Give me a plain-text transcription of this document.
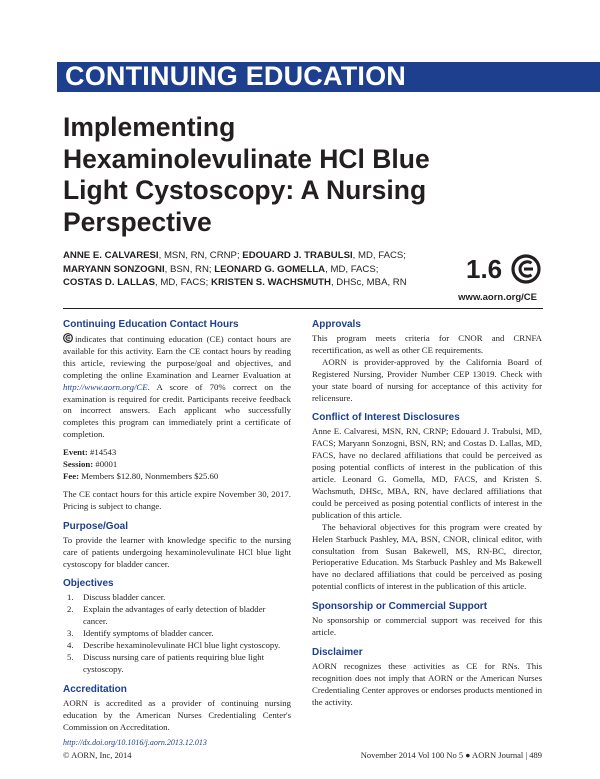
CONTINUING EDUCATION
Implementing Hexaminolevulinate HCl Blue Light Cystoscopy: A Nursing Perspective

ANNE E. CALVARESI, MSN, RN, CRNP; EDOUARD J. TRABULSI, MD, FACS;

MARYANN SONZOGNI, BSN, RN; LEONARD G. GOMELLA, MD, FACS;

COSTAS D. LALLAS, MD, FACS; KRISTEN S. WACHSMUTH, DHSc, MBA, RN	1.6
www.aorn.org/CE
Continuing Education Contact Hours

indicates that continuing education (CE) contact hours are available for this activity. Earn the CE contact hours by reading this article, reviewing the purpose/goal and objectives, and completing the online Examination and Learner Evaluation at http://www.aorn.org/CE. A score of 70% correct on the examination is required for credit. Participants receive feedback on incorrect answers. Each applicant who successfully completes this program can immediately print a certificate of completion.

Event: #14543

Session: #0001

Fee: Members $12.80, Nonmembers $25.60

The CE contact hours for this article expire November 30, 2017. Pricing is subject to change.

Purpose/Goal

To provide the learner with knowledge specific to the nursing care of patients undergoing hexaminolevulinate HCl blue light cystoscopy for bladder cancer.

Objectives
1. Discuss bladder cancer.
2. Explain the advantages of early detection of bladder cancer.
3. Identify symptoms of bladder cancer.
4. Describe hexaminolevulinate HCl blue light cystoscopy.
5. Discuss nursing care of patients requiring blue light cystoscopy.
Accreditation

AORN is accredited as a provider of continuing nursing education by the American Nurses Credentialing Center's Commission on Accreditation.

Approvals

This program meets criteria for CNOR and CRNFA recertification, as well as other CE requirements.

AORN is provider-approved by the California Board of Registered Nursing, Provider Number CEP 13019. Check with your state board of nursing for acceptance of this activity for relicensure.

Conflict of Interest Disclosures

Anne E. Calvaresi, MSN, RN, CRNP; Edouard J. Trabulsi, MD, FACS; Maryann Sonzogni, BSN, RN; and Costas D. Lallas, MD, FACS, have no declared affiliations that could be perceived as posing potential conflicts of interest in the publication of this article. Leonard G. Gomella, MD, FACS, and Kristen S. Wachsmuth, DHSc, MBA, RN, have declared affiliations that could be perceived as posing potential conflicts of interest in the publication of this article.

The behavioral objectives for this program were created by Helen Starbuck Pashley, MA, BSN, CNOR, clinical editor, with consultation from Susan Bakewell, MS, RN-BC, director, Perioperative Education. Ms Starbuck Pashley and Ms Bakewell have no declared affiliations that could be perceived as posing potential conflicts of interest in the publication of this article.

Sponsorship or Commercial Support

No sponsorship or commercial support was received for this article.

Disclaimer

AORN recognizes these activities as CE for RNs. This recognition does not imply that AORN or the American Nurses Credentialing Center approves or endorses products mentioned in the activity.

http://dx.doi.org/10.1016/j.aorn.2013.12.013
© AORN, Inc, 2014	November 2014 Vol 100 No 5 ● AORN Journal | 489
